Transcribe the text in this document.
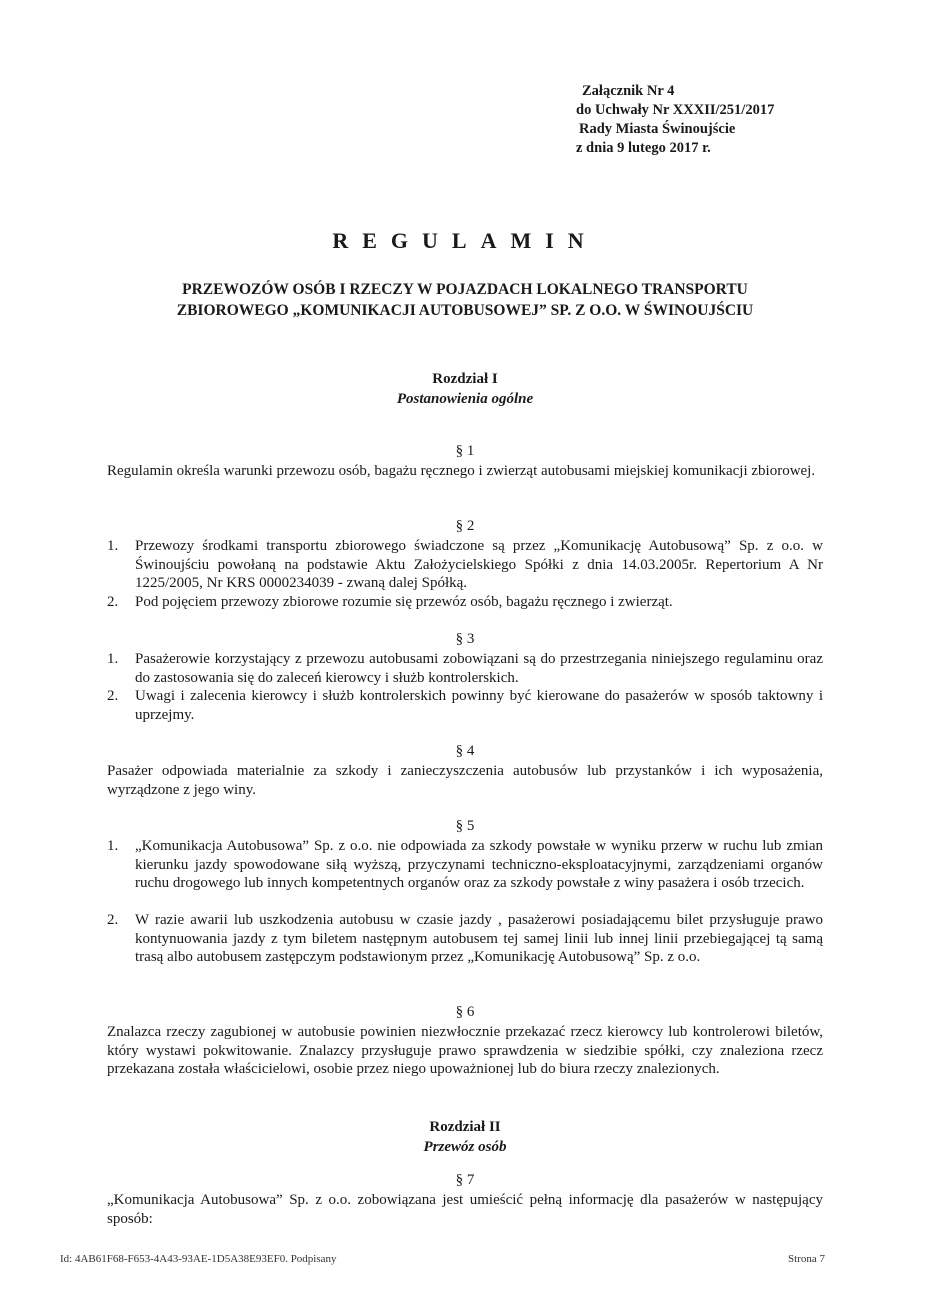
Załącznik Nr 4
do Uchwały Nr XXXII/251/2017
Rady Miasta Świnoujście
z dnia 9 lutego 2017 r.
REGULAMIN
PRZEWOZÓW OSÓB I RZECZY W POJAZDACH LOKALNEGO TRANSPORTU
ZBIOROWEGO „KOMUNIKACJI AUTOBUSOWEJ” SP. Z O.O. W ŚWINOUJŚCIU
Rozdział I
Postanowienia ogólne
§ 1
Regulamin określa warunki przewozu osób, bagażu ręcznego i zwierząt autobusami miejskiej komunikacji zbiorowej.
§ 2
1. Przewozy środkami transportu zbiorowego świadczone są przez „Komunikację Autobusową” Sp. z o.o. w Świnoujściu powołaną na podstawie Aktu Założycielskiego Spółki z dnia 14.03.2005r. Repertorium A Nr 1225/2005, Nr KRS 0000234039 - zwaną dalej Spółką.
2. Pod pojęciem przewozy zbiorowe rozumie się przewóz osób, bagażu ręcznego i zwierząt.
§ 3
1. Pasażerowie korzystający z przewozu autobusami zobowiązani są do przestrzegania niniejszego regulaminu oraz do zastosowania się do zaleceń kierowcy i służb kontrolerskich.
2. Uwagi i zalecenia kierowcy i służb kontrolerskich powinny być kierowane do pasażerów w sposób taktowny i uprzejmy.
§ 4
Pasażer odpowiada materialnie za szkody i zanieczyszczenia autobusów lub przystanków i ich wyposażenia, wyrządzone z jego winy.
§ 5
1. „Komunikacja Autobusowa” Sp. z o.o. nie odpowiada za szkody powstałe w wyniku przerw w ruchu lub zmian kierunku jazdy spowodowane siłą wyższą, przyczynami techniczno-eksploatacyjnymi, zarządzeniami organów ruchu drogowego lub innych kompetentnych organów oraz za szkody powstałe z winy pasażera i osób trzecich.
2. W razie awarii lub uszkodzenia autobusu w czasie jazdy , pasażerowi posiadającemu bilet przysługuje prawo kontynuowania jazdy z tym biletem następnym autobusem tej samej linii lub innej linii przebiegającej tą samą trasą albo autobusem zastępczym podstawionym przez „Komunikację Autobusową” Sp. z o.o.
§ 6
Znalazca rzeczy zagubionej w autobusie powinien niezwłocznie przekazać rzecz kierowcy lub kontrolerowi biletów, który wystawi pokwitowanie. Znalazcy przysługuje prawo sprawdzenia w siedzibie spółki, czy znaleziona rzecz przekazana została właścicielowi, osobie przez niego upoważnionej lub do biura rzeczy znalezionych.
Rozdział II
Przewóz osób
§ 7
„Komunikacja Autobusowa” Sp. z o.o. zobowiązana jest umieścić pełną informację dla pasażerów w następujący sposób:
Id: 4AB61F68-F653-4A43-93AE-1D5A38E93EF0. Podpisany	Strona 7
